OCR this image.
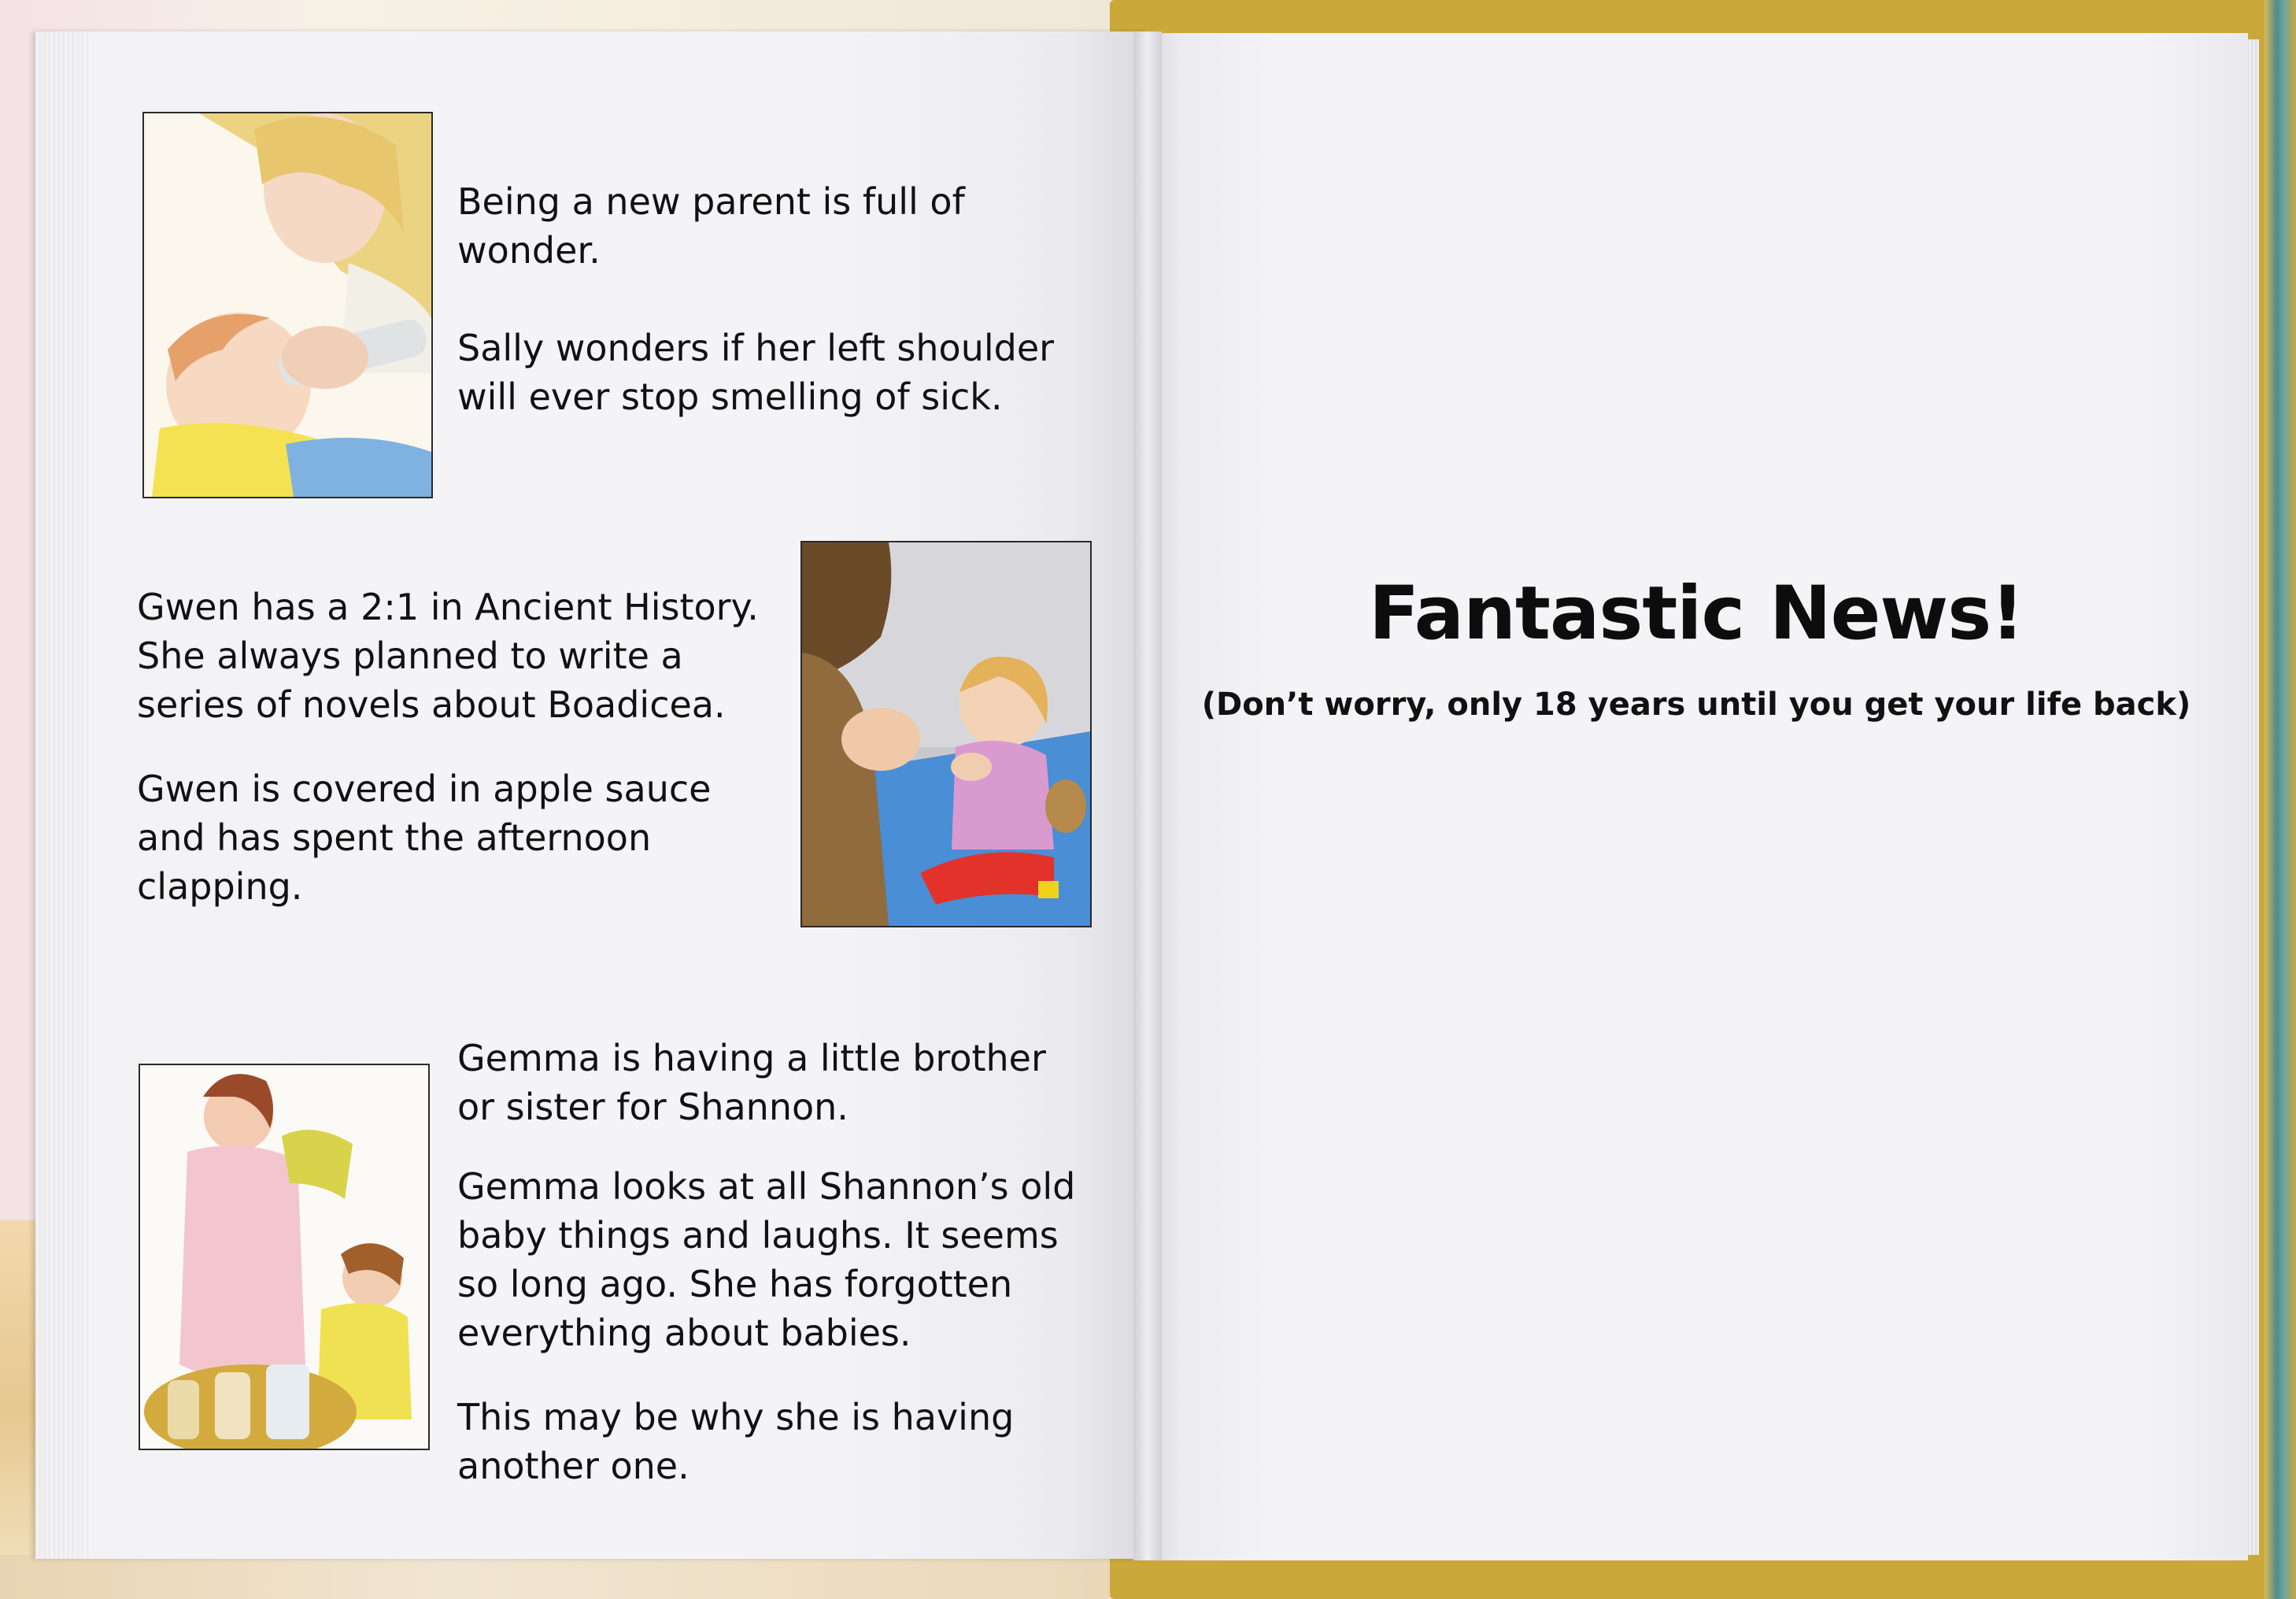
Being a new parent is full of wonder.

Sally wonders if her left shoulder will ever stop smelling of sick.

Gwen has a 2:1 in Ancient History. She always planned to write a series of novels about Boadicea.

Gwen is covered in apple sauce and has spent the afternoon clapping.

Gemma is having a little brother or sister for Shannon.

Gemma looks at all Shannon’s old baby things and laughs. It seems so long ago. She has forgotten everything about babies.

This may be why she is having another one.

Fantastic News!
(Don’t worry, only 18 years until you get your life back)
